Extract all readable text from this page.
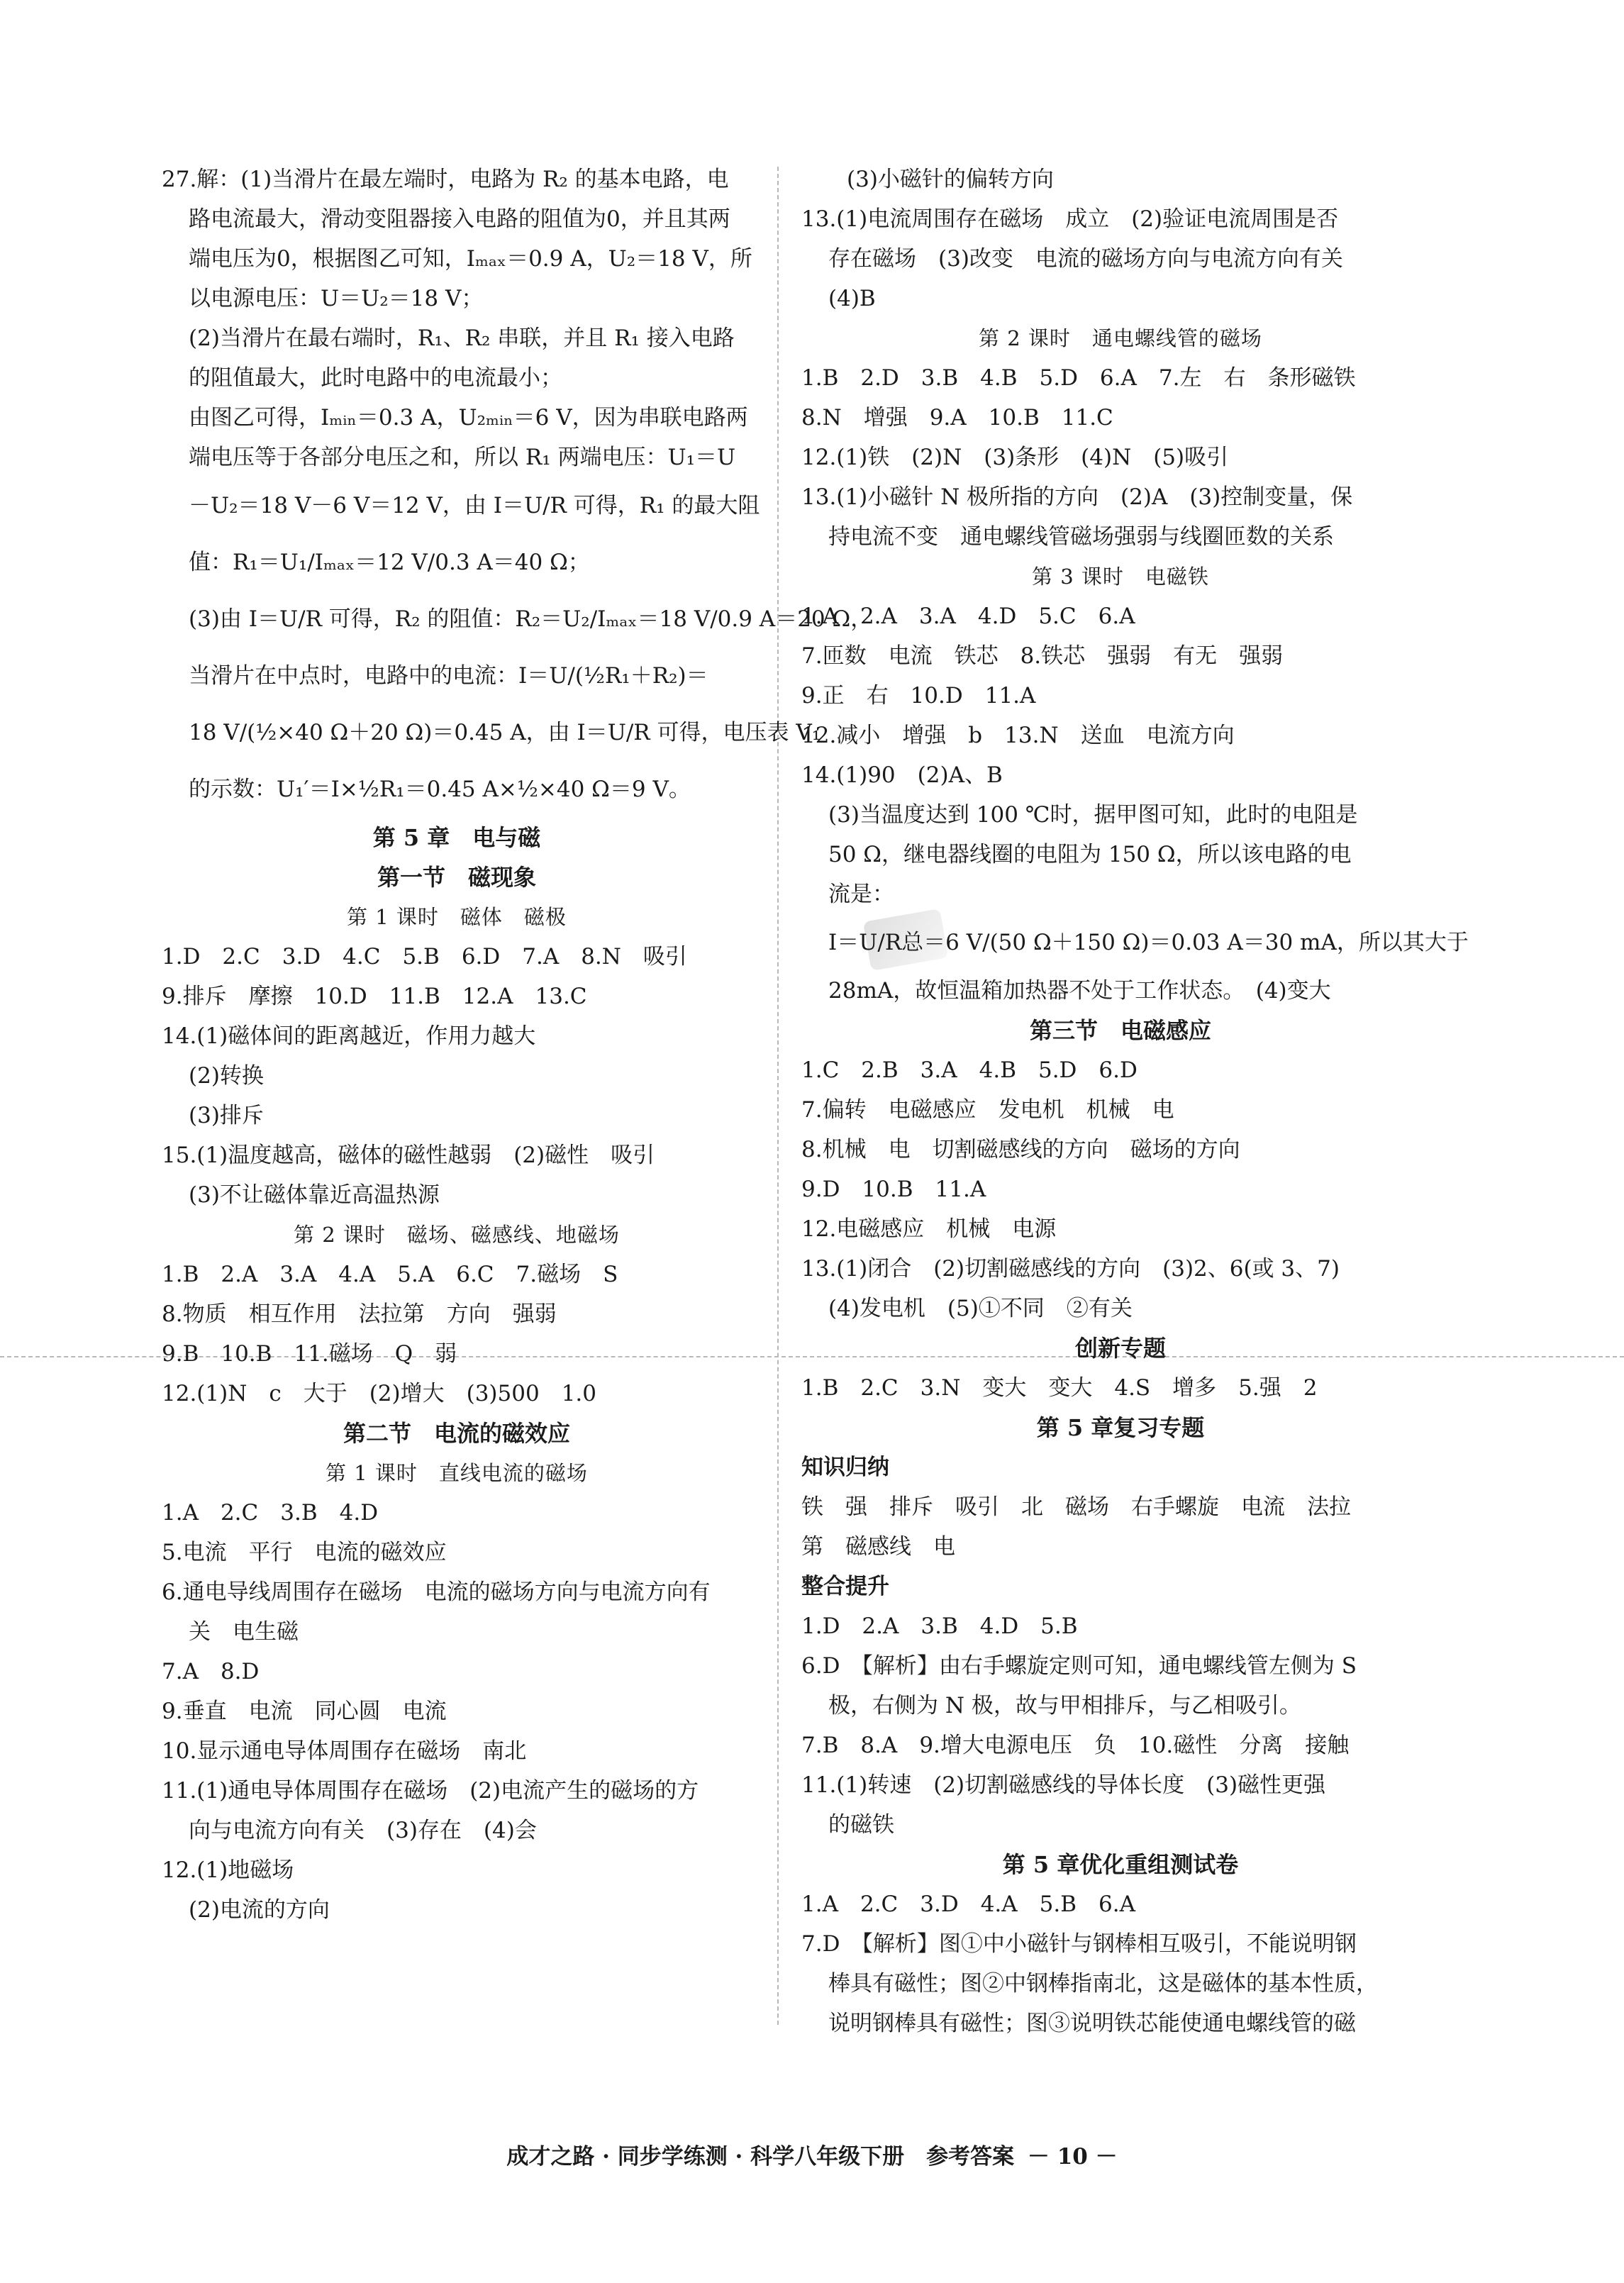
27.解：(1)当滑片在最左端时，电路为 R₂ 的基本电路，电
路电流最大，滑动变阻器接入电路的阻值为0，并且其两
端电压为0，根据图乙可知，Iₘₐₓ＝0.9 A，U₂＝18 V，所
以电源电压：U＝U₂＝18 V；
(2)当滑片在最右端时，R₁、R₂ 串联，并且 R₁ 接入电路
的阻值最大，此时电路中的电流最小；
由图乙可得，Iₘᵢₙ＝0.3 A，U₂ₘᵢₙ＝6 V，因为串联电路两
端电压等于各部分电压之和，所以 R₁ 两端电压：U₁＝U
－U₂＝18 V－6 V＝12 V，由 I＝U/R 可得，R₁ 的最大阻
值：R₁＝U₁/Iₘₐₓ＝12 V/0.3 A＝40 Ω；
(3)由 I＝U/R 可得，R₂ 的阻值：R₂＝U₂/Iₘₐₓ＝18 V/0.9 A＝20 Ω，
当滑片在中点时，电路中的电流：I＝U/(½R₁＋R₂)＝
18 V/(½×40 Ω＋20 Ω)＝0.45 A，由 I＝U/R 可得，电压表 V₁
的示数：U₁′＝I×½R₁＝0.45 A×½×40 Ω＝9 V。
第 5 章　电与磁
第一节　磁现象
第 1 课时　磁体　磁极
1.D　2.C　3.D　4.C　5.B　6.D　7.A　8.N　吸引
9.排斥　摩擦　10.D　11.B　12.A　13.C
14.(1)磁体间的距离越近，作用力越大
(2)转换
(3)排斥
15.(1)温度越高，磁体的磁性越弱　(2)磁性　吸引
(3)不让磁体靠近高温热源
第 2 课时　磁场、磁感线、地磁场
1.B　2.A　3.A　4.A　5.A　6.C　7.磁场　S
8.物质　相互作用　法拉第　方向　强弱
9.B　10.B　11.磁场　Q　弱
12.(1)N　c　大于　(2)增大　(3)500　1.0
第二节　电流的磁效应
第 1 课时　直线电流的磁场
1.A　2.C　3.B　4.D
5.电流　平行　电流的磁效应
6.通电导线周围存在磁场　电流的磁场方向与电流方向有
关　电生磁
7.A　8.D
9.垂直　电流　同心圆　电流
10.显示通电导体周围存在磁场　南北
11.(1)通电导体周围存在磁场　(2)电流产生的磁场的方
向与电流方向有关　(3)存在　(4)会
12.(1)地磁场
(2)电流的方向
(3)小磁针的偏转方向
13.(1)电流周围存在磁场　成立　(2)验证电流周围是否
存在磁场　(3)改变　电流的磁场方向与电流方向有关
(4)B
第 2 课时　通电螺线管的磁场
1.B　2.D　3.B　4.B　5.D　6.A　7.左　右　条形磁铁
8.N　增强　9.A　10.B　11.C
12.(1)铁　(2)N　(3)条形　(4)N　(5)吸引
13.(1)小磁针 N 极所指的方向　(2)A　(3)控制变量，保
持电流不变　通电螺线管磁场强弱与线圈匝数的关系
第 3 课时　电磁铁
1.A　2.A　3.A　4.D　5.C　6.A
7.匝数　电流　铁芯　8.铁芯　强弱　有无　强弱
9.正　右　10.D　11.A
12.减小　增强　b　13.N　送血　电流方向
14.(1)90　(2)A、B
(3)当温度达到 100 ℃时，据甲图可知，此时的电阻是
50 Ω，继电器线圈的电阻为 150 Ω，所以该电路的电
流是：
I＝U/R总＝6 V/(50 Ω＋150 Ω)＝0.03 A＝30 mA，所以其大于
28mA，故恒温箱加热器不处于工作状态。　(4)变大
第三节　电磁感应
1.C　2.B　3.A　4.B　5.D　6.D
7.偏转　电磁感应　发电机　机械　电
8.机械　电　切割磁感线的方向　磁场的方向
9.D　10.B　11.A
12.电磁感应　机械　电源
13.(1)闭合　(2)切割磁感线的方向　(3)2、6(或 3、7)
(4)发电机　(5)①不同　②有关
创新专题
1.B　2.C　3.N　变大　变大　4.S　增多　5.强　2
第 5 章复习专题
知识归纳
铁　强　排斥　吸引　北　磁场　右手螺旋　电流　法拉
第　磁感线　电
整合提升
1.D　2.A　3.B　4.D　5.B
6.D　【解析】由右手螺旋定则可知，通电螺线管左侧为 S
极，右侧为 N 极，故与甲相排斥，与乙相吸引。
7.B　8.A　9.增大电源电压　负　10.磁性　分离　接触
11.(1)转速　(2)切割磁感线的导体长度　(3)磁性更强
的磁铁
第 5 章优化重组测试卷
1.A　2.C　3.D　4.A　5.B　6.A
7.D　【解析】图①中小磁针与钢棒相互吸引，不能说明钢
棒具有磁性；图②中钢棒指南北，这是磁体的基本性质，
说明钢棒具有磁性；图③说明铁芯能使通电螺线管的磁
成才之路 · 同步学练测 · 科学八年级下册　参考答案 － 10 －
